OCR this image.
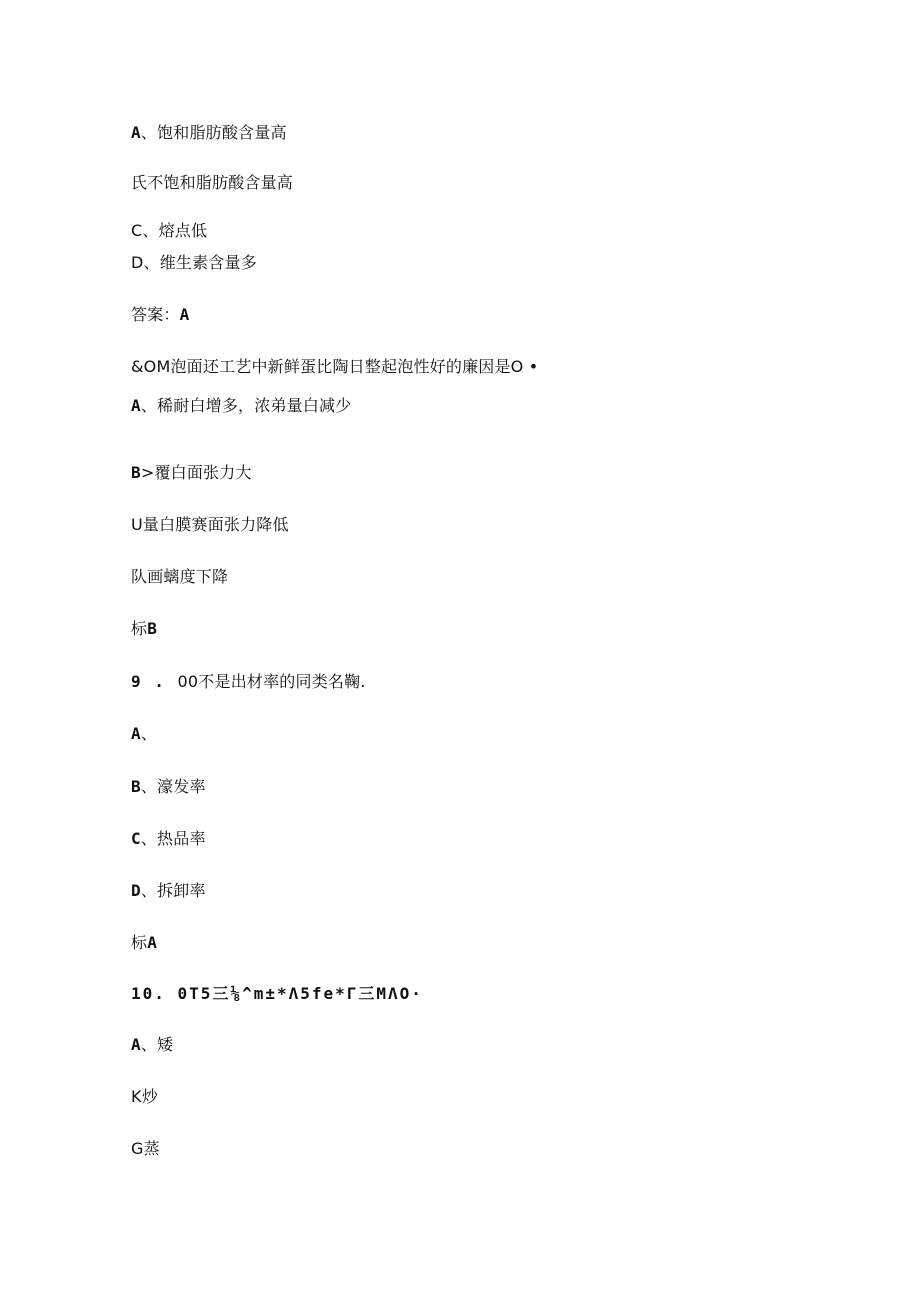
A、饱和脂肪酸含量高
氏不饱和脂肪酸含量高
C、熔点低
D、维生素含量多
答案：A
&OM泡面还工艺中新鲜蛋比陶日整起泡性好的廉因是O •
A、稀耐白增多，浓弟量白减少
B>覆白面张力大
U量白膜赛面张力降低
队画螭度下降
标B
9 . 00不是出材率的同类名鞠.
A、
B、濠发率
C、热品率
D、拆卸率
标A
10. 0T5三⅛^m±*Λ5fe*Γ三MΛO·
A、矮
K炒
G蒸
